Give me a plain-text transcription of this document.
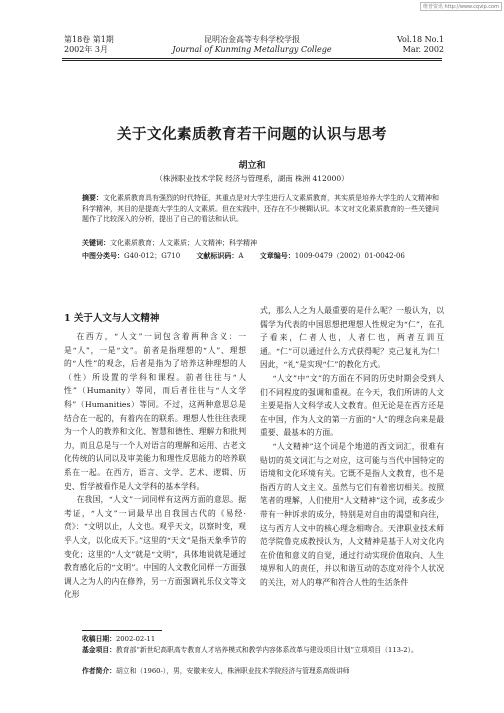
维普资讯 http://www.cqvip.com
第18卷 第1期
2002年 3月
昆明冶金高等专科学校学报
Journal of Kunming Metallurgy College
Vol.18 No.1
Mar. 2002
关于文化素质教育若干问题的认识与思考
胡立和
（株洲职业技术学院 经济与管理系，湖南 株洲 412000）
摘要：文化素质教育具有强烈的时代特征，其重点是对大学生进行人文素质教育，其实质是培养大学生的人文精神和科学精神，其目的是提高大学生的人文素质。但在实践中，还存在不少模糊认识。本文对文化素质教育的一些关键问题作了比较深入的分析，提出了自己的看法和认识。
关键词：文化素质教育；人文素质；人文精神；科学精神
中图分类号：G40-012；G710 文献标识码：A 文章编号：1009-0479（2002）01-0042-06
1 关于人文与人文精神

在西方，“人文”一词包含着两种含义：一是“人”，一是“文”。前者是指理想的“人”、理想的“人性”的观念，后者是指为了培养这种理想的人（性）所设置的学科和课程。前者往往与“人性”（Humanity）等同，而后者往往与“人文学科”（Humanities）等同。不过，这两种意思总是结合在一起的，有着内在的联系。理想人性往往表现为一个人的教养和文化、智慧和德性、理解力和批判力，而且总是与一个人对语言的理解和运用、古老文化传统的认同以及审美能力和理性反思能力的培养联系在一起。在西方，语言、文学、艺术、逻辑、历史、哲学被看作是人文学科的基本学科。

在我国，“人文”一词同样有这两方面的意思。据考证，“人文”一词最早出自我国古代的《易经·贲》：“文明以止，人文也。观乎天文，以察时变，观乎人文，以化成天下。”这里的“天文”是指天象季节的变化；这里的“人文”就是“文明”，具体地说就是通过教育感化后的“文明”。中国的人文教化同样一方面强调人之为人的内在修养，另一方面强调礼乐仪文等文化形

式，那么人之为人最重要的是什么呢？一般认为，以儒学为代表的中国思想把理想人性规定为“仁”，在孔子看来，仁者人也，人者仁也，两者互训互通。“仁”可以通过什么方式获得呢？克己复礼为仁！因此，“礼”是实现“仁”的教化方式。

“人文”中“文”的方面在不同的历史时期会受到人们不同程度的强调和重视。在今天，我们所讲的人文主要是指人文科学或人文教育。但无论是在西方还是在中国，作为人文的第一方面的“人”的理念向来是最重要、最基本的方面。

“人文精神”这个词是个地道的西文词汇，很难有贴切的英文词汇与之对应，这可能与当代中国特定的语境和文化环境有关。它既不是指人文教育，也不是指西方的人文主义。虽然与它们有着密切相关。按照笔者的理解，人们使用“人文精神”这个词，或多或少带有一种诉求的成分，特别是对自由的渴望和向往，这与西方人文中的核心理念相吻合。天津职业技术师范学院鲁克成教授认为，人文精神是基于人对文化内在价值和意义的自觉，通过行动实现价值取向、人生境界和人的责任，并以和谐互动的态度对待个人状况的关注，对人的尊严和符合人性的生活条件

收稿日期：2002-02-11
基金项目：教育部“新世纪高职高专教育人才培养模式和教学内容体系改革与建设项目计划”立项项目（113-2）。
作者简介：胡立和（1960-），男，安徽来安人，株洲职业技术学院经济与管理系高级讲师
